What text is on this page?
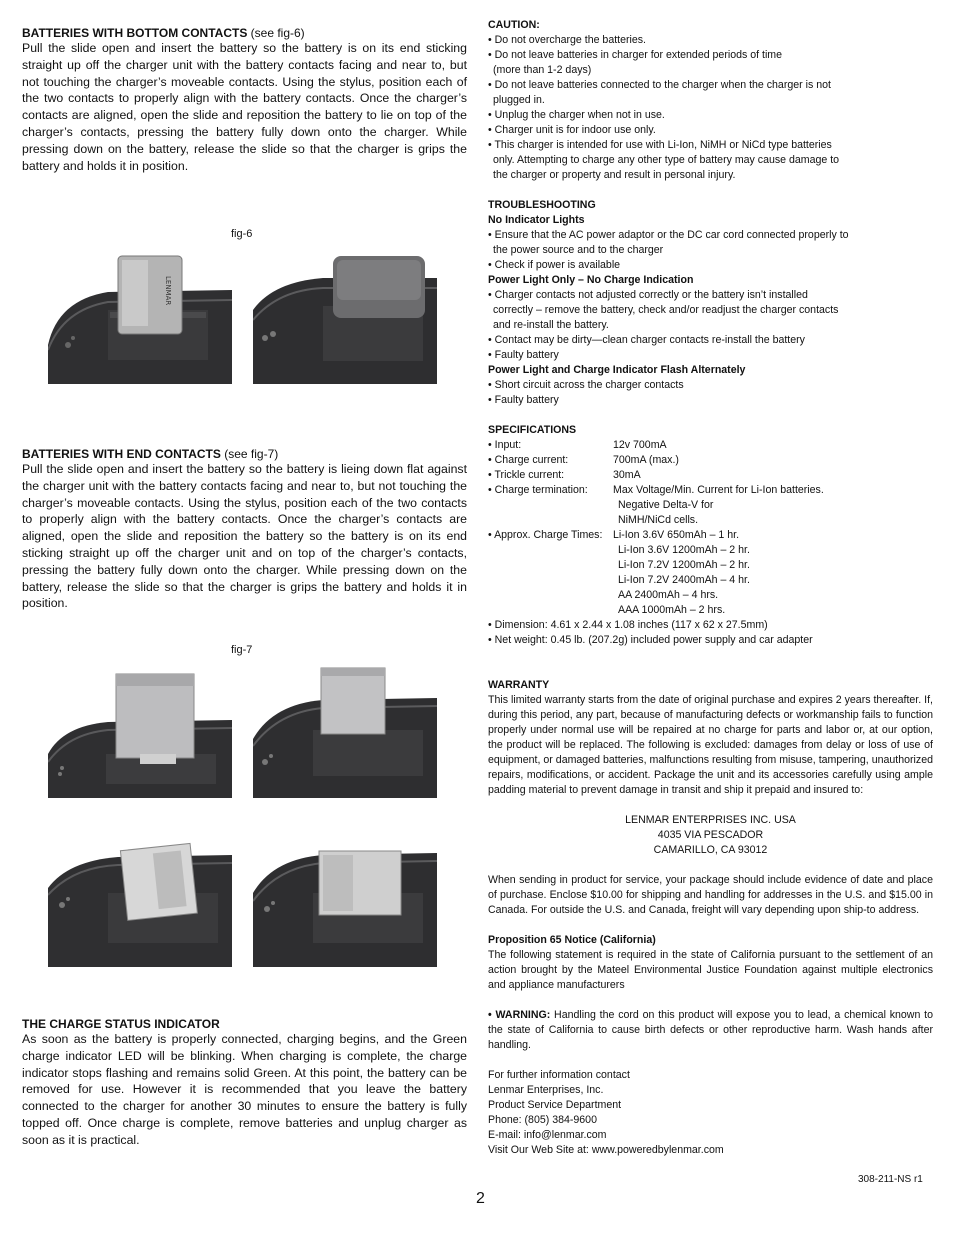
BATTERIES WITH BOTTOM CONTACTS (see fig-6)

Pull the slide open and insert the battery so the battery is on its end sticking straight up off the charger unit with the battery contacts facing and near to, but not touching the charger’s moveable contacts. Using the stylus, position each of the two contacts to properly align with the battery contacts. Once the charger’s contacts are aligned, open the slide and reposition the battery to lie on top of the charger’s contacts, pressing the battery fully down onto the charger. While pressing down on the battery, release the slide so that the charger is grips the battery and holds it in position.

BATTERIES WITH END CONTACTS (see fig-7)

Pull the slide open and insert the battery so the battery is lieing down flat against the charger unit with the battery contacts facing and near to, but not touching the charger’s moveable contacts. Using the stylus, position each of the two contacts to properly align with the battery contacts. Once the charger’s contacts are aligned, open the slide and reposition the battery so the battery is on its end sticking straight up off the charger unit and on top of the charger’s contacts, pressing the battery fully down onto the charger. While pressing down on the battery, release the slide so that the charger is grips the battery and holds it in position.

THE CHARGE STATUS INDICATOR

As soon as the battery is properly connected, charging begins, and the Green charge indicator LED will be blinking. When charging is complete, the charge indicator stops flashing and remains solid Green. At this point, the battery can be removed for use. However it is recommended that you leave the battery connected to the charger for another 30 minutes to ensure the battery is fully topped off. Once charge is complete, remove batteries and unplug charger as soon as it is practical.

fig-6
fig-7
LENMAR

CAUTION:

• Do not overcharge the batteries.

• Do not leave batteries in charger for extended periods of time

(more than 1-2 days)

• Do not leave batteries connected to the charger when the charger is not

plugged in.

• Unplug the charger when not in use.

• Charger unit is for indoor use only.

• This charger is intended for use with Li-Ion, NiMH or NiCd type batteries

only. Attempting to charge any other type of battery may cause damage to

the charger or property and result in personal injury.

TROUBLESHOOTING

No Indicator Lights

• Ensure that the AC power adaptor or the DC car cord connected properly to

the power source and to the charger

• Check if power is available

Power Light Only – No Charge Indication

• Charger contacts not adjusted correctly or the battery isn’t installed

correctly – remove the battery, check and/or readjust the charger contacts

and re-install the battery.

• Contact may be dirty—clean charger contacts re-install the battery

• Faulty battery

Power Light and Charge Indicator Flash Alternately

• Short circuit across the charger contacts

• Faulty battery

SPECIFICATIONS

• Input:	12v 700mA
• Charge current:	700mA (max.)
• Trickle current:	30mA
• Charge termination:	Max Voltage/Min. Current for Li-Ion batteries.

Negative Delta-V for

NiMH/NiCd cells.

• Approx. Charge Times: Li-Ion 3.6V 650mAh – 1 hr.

Li-Ion 3.6V 1200mAh – 2 hr.

Li-Ion 7.2V 1200mAh – 2 hr.

Li-Ion 7.2V 2400mAh – 4 hr.

AA 2400mAh – 4 hrs.

AAA 1000mAh – 2 hrs.

• Dimension: 4.61 x 2.44 x 1.08 inches (117 x 62 x 27.5mm)

• Net weight: 0.45 lb. (207.2g) included power supply and car adapter

WARRANTY

This limited warranty starts from the date of original purchase and expires 2 years thereafter. If, during this period, any part, because of manufacturing defects or workmanship fails to function properly under normal use will be repaired at no charge for parts and labor or, at our option, the product will be replaced. The following is excluded: damages from delay or loss of use of equipment, or damaged batteries, malfunctions resulting from misuse, tampering, unauthorized repairs, modifications, or accident. Package the unit and its accessories carefully using ample padding material to prevent damage in transit and ship it prepaid and insured to:

LENMAR ENTERPRISES INC. USA

4035 VIA PESCADOR

CAMARILLO, CA 93012

When sending in product for service, your package should include evidence of date and place of purchase. Enclose $10.00 for shipping and handling for addresses in the U.S. and $15.00 in Canada. For outside the U.S. and Canada, freight will vary depending upon ship-to address.

Proposition 65 Notice (California)

The following statement is required in the state of California pursuant to the settlement of an action brought by the Mateel Environmental Justice Foundation against multiple electronics and appliance manufacturers

• WARNING: Handling the cord on this product will expose you to lead, a chemical known to the state of California to cause birth defects or other reproductive harm. Wash hands after handling.

For further information contact

Lenmar Enterprises, Inc.

Product Service Department

Phone: (805) 384-9600

E-mail: info@lenmar.com

Visit Our Web Site at: www.poweredbylenmar.com

308-211-NS r1
2
